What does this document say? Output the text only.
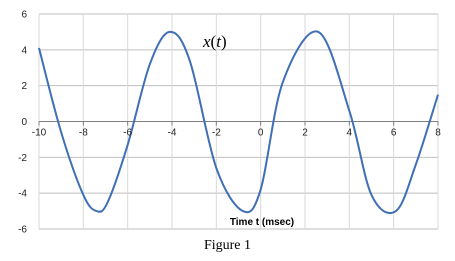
-6
-4
-2
0
2
4
6
-10	-8	-6	-4	-2	0	2	4	6	8
Time t (msec)
x(t)
Figure 1
